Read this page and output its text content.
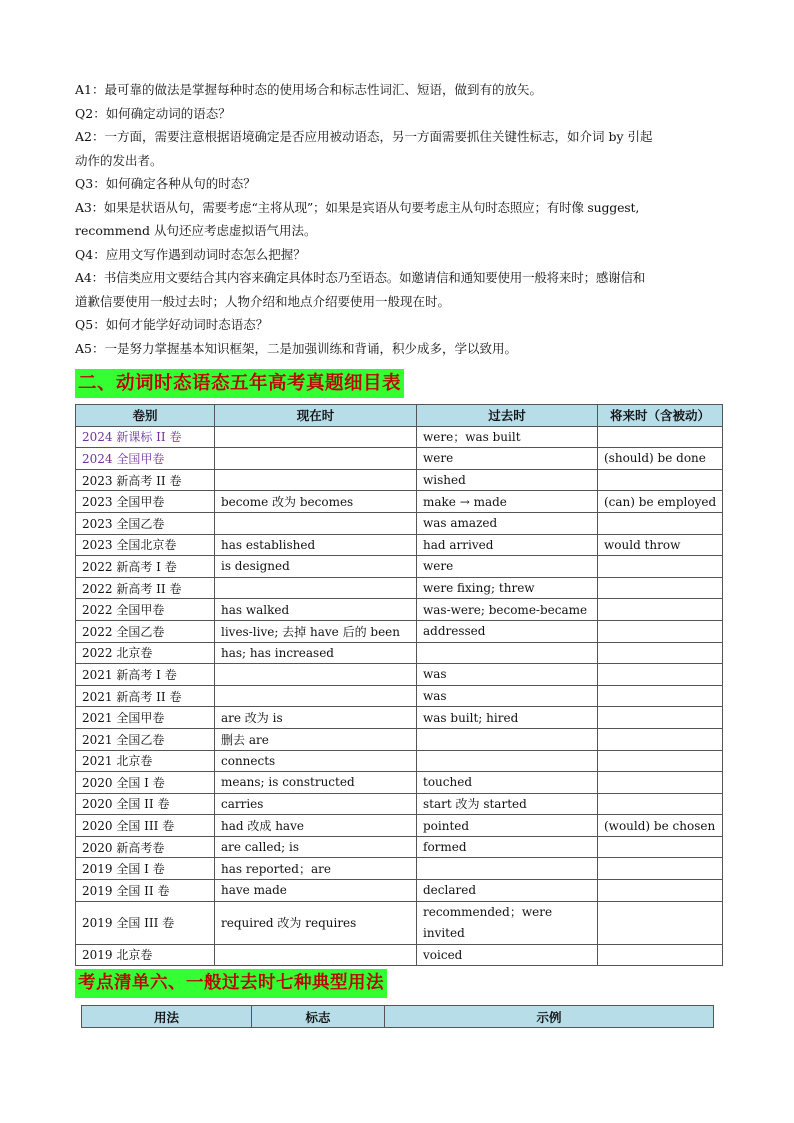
A1：最可靠的做法是掌握每种时态的使用场合和标志性词汇、短语，做到有的放矢。

Q2：如何确定动词的语态？

A2：一方面，需要注意根据语境确定是否应用被动语态，另一方面需要抓住关键性标志，如介词 by 引起

动作的发出者。

Q3：如何确定各种从句的时态？

A3：如果是状语从句，需要考虑“主将从现”；如果是宾语从句要考虑主从句时态照应；有时像 suggest,

recommend 从句还应考虑虚拟语气用法。

Q4：应用文写作遇到动词时态怎么把握？

A4：书信类应用文要结合其内容来确定具体时态乃至语态。如邀请信和通知要使用一般将来时；感谢信和

道歉信要使用一般过去时；人物介绍和地点介绍要使用一般现在时。

Q5：如何才能学好动词时态语态？

A5：一是努力掌握基本知识框架，二是加强训练和背诵，积少成多，学以致用。

二、动词时态语态五年高考真题细目表
卷别	现在时	过去时	将来时（含被动）
2024 新课标 II 卷		were；was built	
2024 全国甲卷		were	(should) be done
2023 新高考 II 卷		wished	
2023 全国甲卷	become 改为 becomes	make → made	(can) be employed
2023 全国乙卷		was amazed	
2023 全国北京卷	has established	had arrived	would throw
2022 新高考 I 卷	is designed	were	
2022 新高考 II 卷		were fixing; threw	
2022 全国甲卷	has walked	was-were; become-became	
2022 全国乙卷	lives-live; 去掉 have 后的 been	addressed	
2022 北京卷	has; has increased		
2021 新高考 I 卷		was	
2021 新高考 II 卷		was	
2021 全国甲卷	are 改为 is	was built; hired	
2021 全国乙卷	删去 are		
2021 北京卷	connects		
2020 全国 I 卷	means; is constructed	touched	
2020 全国 II 卷	carries	start 改为 started	
2020 全国 III 卷	had 改成 have	pointed	(would) be chosen
2020 新高考卷	are called; is	formed	
2019 全国 I 卷	has reported；are		
2019 全国 II 卷	have made	declared	
2019 全国 III 卷	required 改为 requires	recommended；were invited	
2019 北京卷		voiced	
考点清单六、一般过去时七种典型用法
用法	标志	示例
